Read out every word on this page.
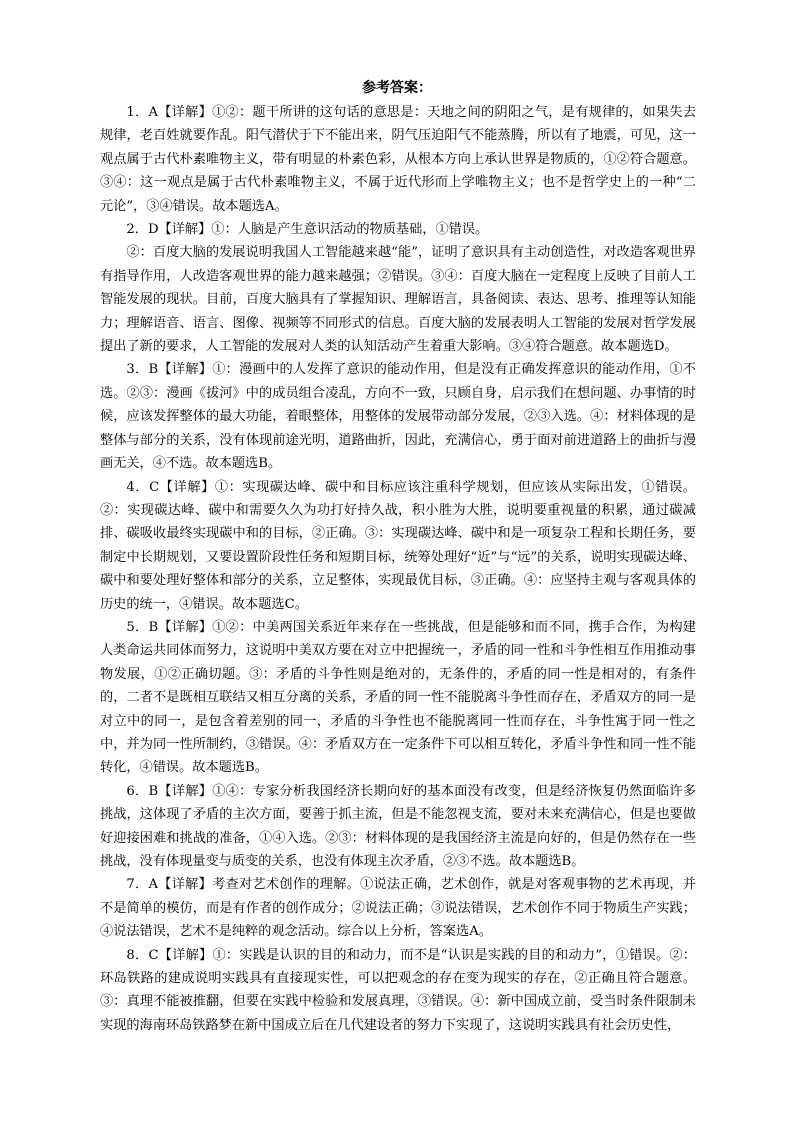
参考答案：

1．A【详解】①②：题干所讲的这句话的意思是：天地之间的阴阳之气，是有规律的，如果失去规律，老百姓就要作乱。阳气潜伏于下不能出来，阴气压迫阳气不能蒸腾，所以有了地震，可见，这一观点属于古代朴素唯物主义，带有明显的朴素色彩，从根本方向上承认世界是物质的，①②符合题意。③④：这一观点是属于古代朴素唯物主义，不属于近代形而上学唯物主义；也不是哲学史上的一种“二元论”，③④错误。故本题选A。

2．D【详解】①：人脑是产生意识活动的物质基础，①错误。

②：百度大脑的发展说明我国人工智能越来越“能”，证明了意识具有主动创造性，对改造客观世界有指导作用，人改造客观世界的能力越来越强；②错误。③④：百度大脑在一定程度上反映了目前人工智能发展的现状。目前，百度大脑具有了掌握知识、理解语言，具备阅读、表达、思考、推理等认知能力；理解语音、语言、图像、视频等不同形式的信息。百度大脑的发展表明人工智能的发展对哲学发展提出了新的要求，人工智能的发展对人类的认知活动产生着重大影响。③④符合题意。故本题选D。

3．B【详解】①：漫画中的人发挥了意识的能动作用，但是没有正确发挥意识的能动作用，①不选。②③：漫画《拔河》中的成员组合凌乱，方向不一致，只顾自身，启示我们在想问题、办事情的时候，应该发挥整体的最大功能，着眼整体，用整体的发展带动部分发展，②③入选。④：材料体现的是整体与部分的关系，没有体现前途光明，道路曲折，因此，充满信心，勇于面对前进道路上的曲折与漫画无关，④不选。故本题选B。

4．C【详解】①：实现碳达峰、碳中和目标应该注重科学规划，但应该从实际出发，①错误。②：实现碳达峰、碳中和需要久久为功打好持久战，积小胜为大胜，说明要重视量的积累，通过碳减排、碳吸收最终实现碳中和的目标，②正确。③：实现碳达峰、碳中和是一项复杂工程和长期任务，要制定中长期规划，又要设置阶段性任务和短期目标，统筹处理好“近”与“远”的关系，说明实现碳达峰、碳中和要处理好整体和部分的关系，立足整体，实现最优目标，③正确。④：应坚持主观与客观具体的历史的统一，④错误。故本题选C。

5．B【详解】①②：中美两国关系近年来存在一些挑战，但是能够和而不同，携手合作，为构建人类命运共同体而努力，这说明中美双方要在对立中把握统一，矛盾的同一性和斗争性相互作用推动事物发展，①②正确切题。③：矛盾的斗争性则是绝对的，无条件的，矛盾的同一性是相对的，有条件的，二者不是既相互联结又相互分离的关系，矛盾的同一性不能脱离斗争性而存在，矛盾双方的同一是对立中的同一，是包含着差别的同一，矛盾的斗争性也不能脱离同一性而存在，斗争性寓于同一性之中，并为同一性所制约，③错误。④：矛盾双方在一定条件下可以相互转化，矛盾斗争性和同一性不能转化，④错误。故本题选B。

6．B【详解】①④：专家分析我国经济长期向好的基本面没有改变，但是经济恢复仍然面临许多挑战，这体现了矛盾的主次方面，要善于抓主流，但是不能忽视支流，要对未来充满信心，但是也要做好迎接困难和挑战的准备，①④入选。②③：材料体现的是我国经济主流是向好的，但是仍然存在一些挑战，没有体现量变与质变的关系，也没有体现主次矛盾，②③不选。故本题选B。

7．A【详解】考查对艺术创作的理解。①说法正确，艺术创作，就是对客观事物的艺术再现，并不是简单的模仿，而是有作者的创作成分；②说法正确；③说法错误，艺术创作不同于物质生产实践；④说法错误，艺术不是纯粹的观念活动。综合以上分析，答案选A。

8．C【详解】①：实践是认识的目的和动力，而不是“认识是实践的目的和动力”，①错误。②：环岛铁路的建成说明实践具有直接现实性，可以把观念的存在变为现实的存在，②正确且符合题意。③：真理不能被推翻，但要在实践中检验和发展真理，③错误。④：新中国成立前，受当时条件限制未实现的海南环岛铁路梦在新中国成立后在几代建设者的努力下实现了，这说明实践具有社会历史性，
